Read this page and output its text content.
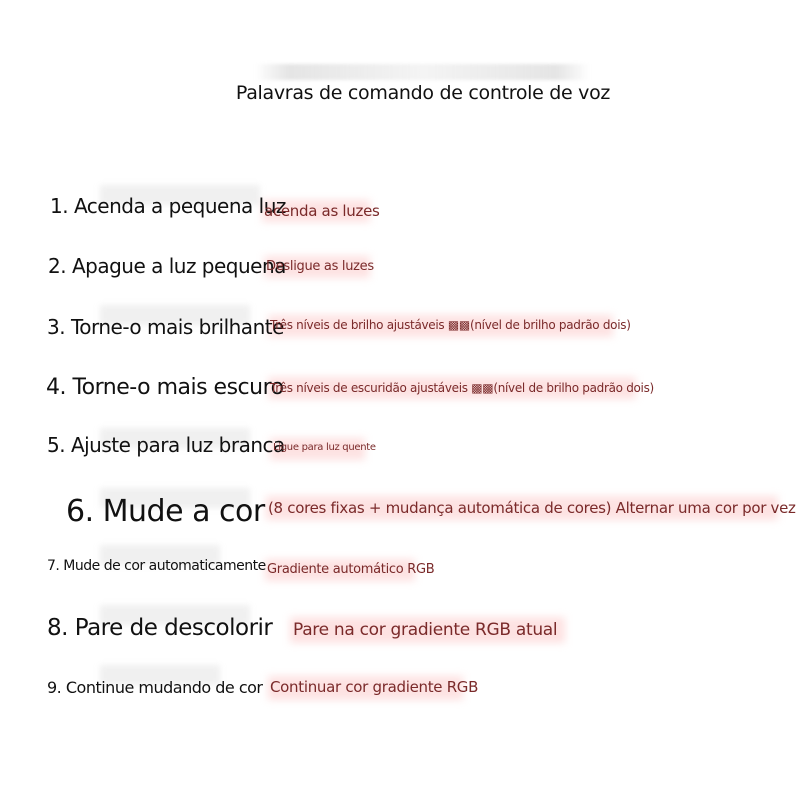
Palavras de comando de controle de voz
1. Acenda a pequena luz
acenda as luzes
2. Apague a luz pequena
Desligue as luzes
3. Torne-o mais brilhante
Três níveis de brilho ajustáveis ▩▩(nível de brilho padrão dois)
4. Torne-o mais escuro
Três níveis de escuridão ajustáveis ▩▩(nível de brilho padrão dois)
5. Ajuste para luz branca
Ligue para luz quente
6. Mude a cor (8 cores fixas + mudança automática de cores) Alternar uma cor por vez
7. Mude de cor automaticamente Gradiente automático RGB
8. Pare de descolorir Pare na cor gradiente RGB atual
9. Continue mudando de cor Continuar cor gradiente RGB
